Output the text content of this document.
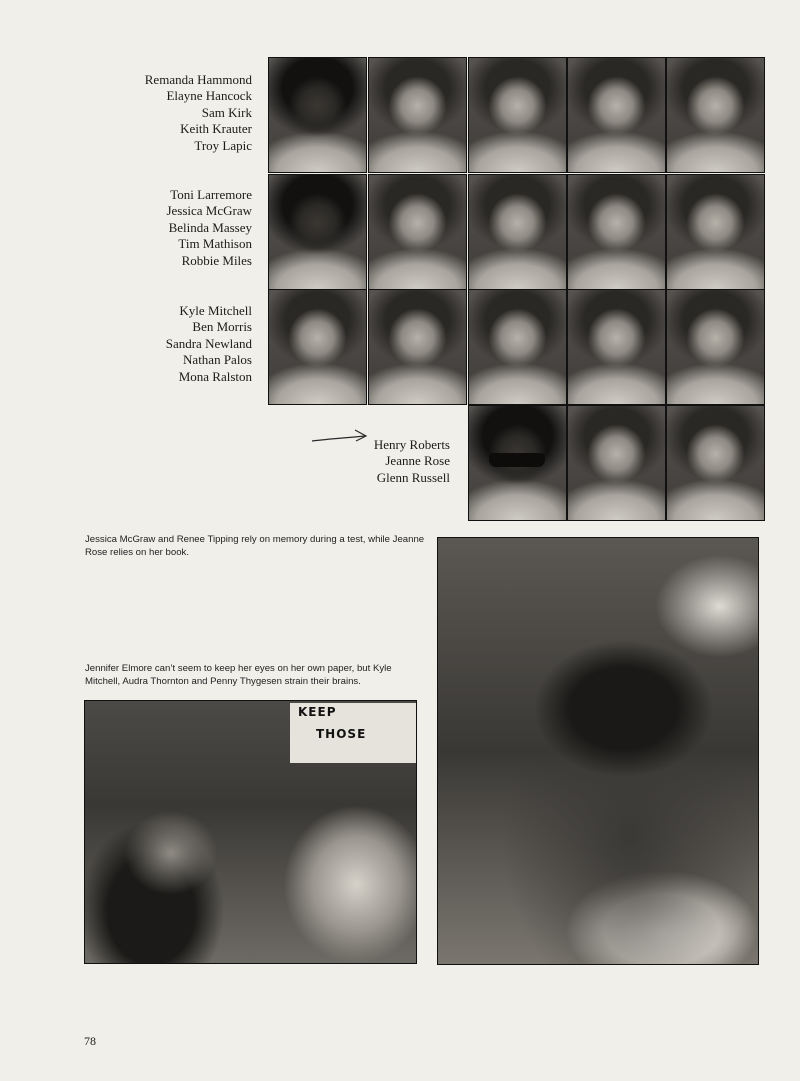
Remanda Hammond
Elayne Hancock
Sam Kirk
Keith Krauter
Troy Lapic
Toni Larremore
Jessica McGraw
Belinda Massey
Tim Mathison
Robbie Miles
Kyle Mitchell
Ben Morris
Sandra Newland
Nathan Palos
Mona Ralston
Henry Roberts
Jeanne Rose
Glenn Russell
Jessica McGraw and Renee Tipping rely on memory during a test, while Jeanne Rose relies on her book.
Jennifer Elmore can’t seem to keep her eyes on her own paper, but Kyle Mitchell, Audra Thornton and Penny Thygesen strain their brains.
KEEP
THOSE
78
